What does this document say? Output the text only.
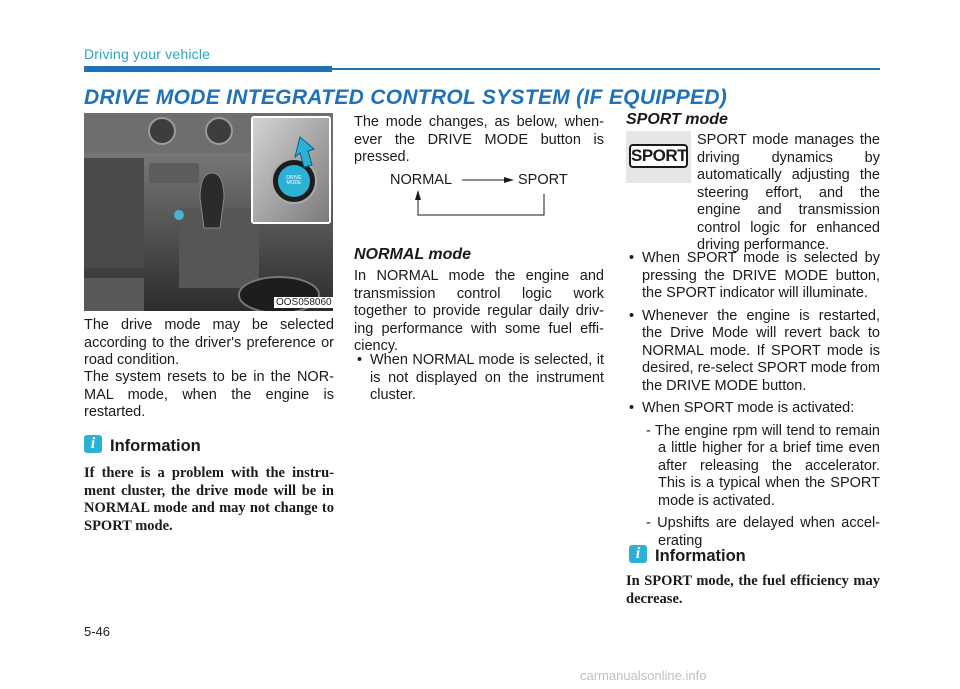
Driving your vehicle
DRIVE MODE INTEGRATED CONTROL SYSTEM (IF EQUIPPED)
DRIVE MODE
OOS058060
The drive mode may be selected according to the driver's preference or road condition.
The system resets to be in the NOR-MAL mode, when the engine is restarted.
i Information
If there is a problem with the instru-ment cluster, the drive mode will be in NORMAL mode and may not change to SPORT mode.
The mode changes, as below, when-ever the DRIVE MODE button is pressed.
NORMAL	SPORT
NORMAL mode
In NORMAL mode the engine and transmission control logic work together to provide regular daily driv-ing performance with some fuel effi-ciency.
• When NORMAL mode is selected, it is not displayed on the instrument cluster.
SPORT mode
SPORT
SPORT mode manages the driving dynamics by automatically adjusting the steering effort, and the engine and transmission control logic for enhanced driving performance.
• When SPORT mode is selected by pressing the DRIVE MODE button, the SPORT indicator will illuminate.
• Whenever the engine is restarted, the Drive Mode will revert back to NORMAL mode. If SPORT mode is desired, re-select SPORT mode from the DRIVE MODE button.
• When SPORT mode is activated:
- The engine rpm will tend to remain a little higher for a brief time even after releasing the accelerator. This is a typical when the SPORT mode is activated.
- Upshifts are delayed when accel-erating
i Information
In SPORT mode, the fuel efficiency may decrease.
5-46
carmanualsonline.info
